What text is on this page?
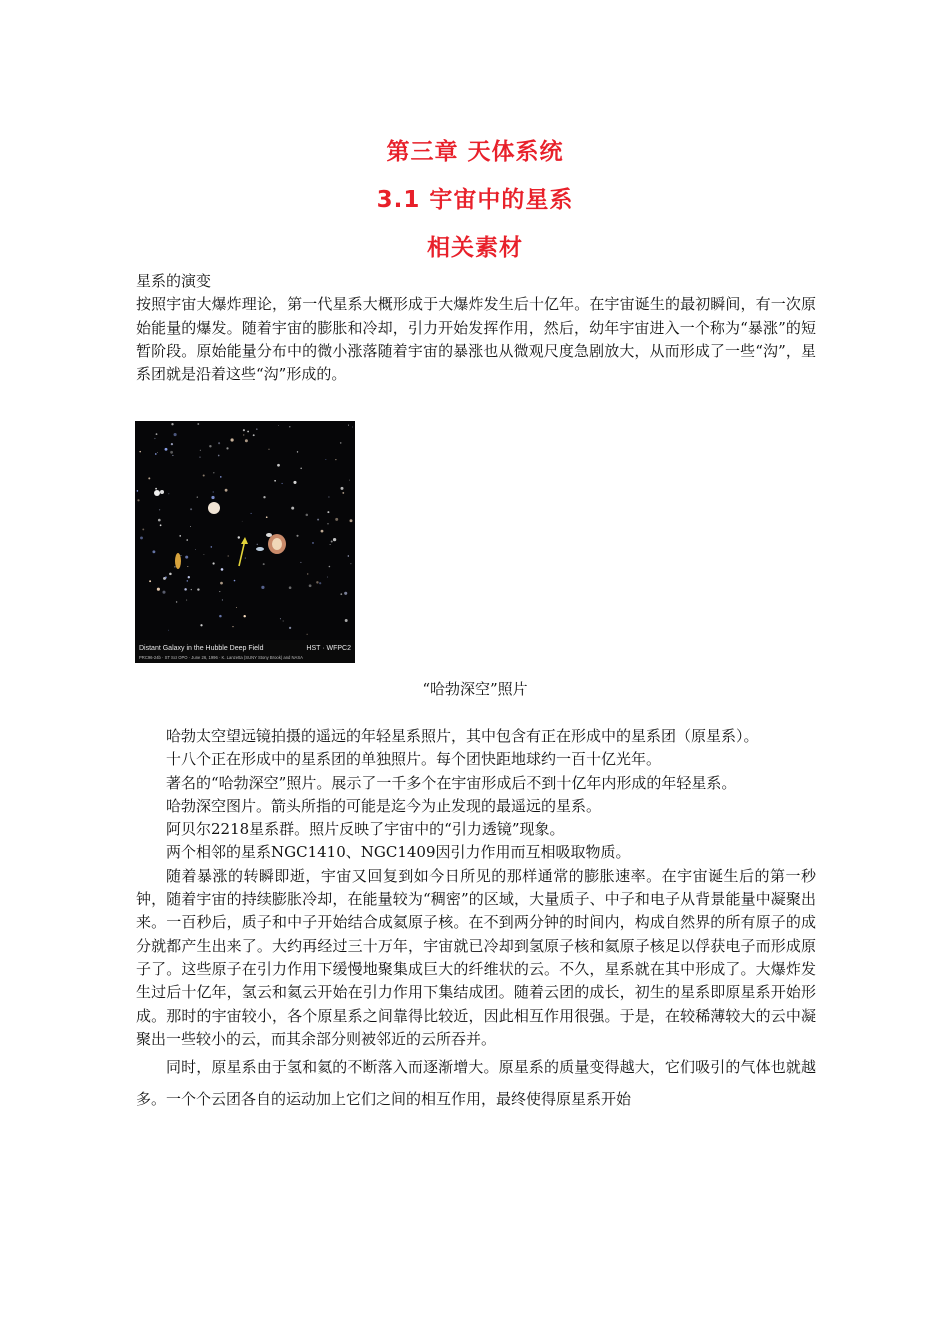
第三章 天体系统
3.1 宇宙中的星系
相关素材

星系的演变

按照宇宙大爆炸理论，第一代星系大概形成于大爆炸发生后十亿年。在宇宙诞生的最初瞬间，有一次原始能量的爆发。随着宇宙的膨胀和冷却，引力开始发挥作用，然后，幼年宇宙进入一个称为“暴涨”的短暂阶段。原始能量分布中的微小涨落随着宇宙的暴涨也从微观尺度急剧放大，从而形成了一些“沟”，星系团就是沿着这些“沟”形成的。

Distant Galaxy in the Hubble Deep Field	HST · WFPC2
PRC96-24b · ST ScI OPO · June 26, 1996 · K. Lanzetta (SUNY Stony Brook) and NASA
“哈勃深空”照片

哈勃太空望远镜拍摄的遥远的年轻星系照片，其中包含有正在形成中的星系团（原星系）。

十八个正在形成中的星系团的单独照片。每个团快距地球约一百十亿光年。

著名的“哈勃深空”照片。展示了一千多个在宇宙形成后不到十亿年内形成的年轻星系。

哈勃深空图片。箭头所指的可能是迄今为止发现的最遥远的星系。

阿贝尔2218星系群。照片反映了宇宙中的“引力透镜”现象。

两个相邻的星系NGC1410、NGC1409因引力作用而互相吸取物质。

随着暴涨的转瞬即逝，宇宙又回复到如今日所见的那样通常的膨胀速率。在宇宙诞生后的第一秒钟，随着宇宙的持续膨胀冷却，在能量较为“稠密”的区域，大量质子、中子和电子从背景能量中凝聚出来。一百秒后，质子和中子开始结合成氦原子核。在不到两分钟的时间内，构成自然界的所有原子的成分就都产生出来了。大约再经过三十万年，宇宙就已冷却到氢原子核和氦原子核足以俘获电子而形成原子了。这些原子在引力作用下缓慢地聚集成巨大的纤维状的云。不久，星系就在其中形成了。大爆炸发生过后十亿年，氢云和氦云开始在引力作用下集结成团。随着云团的成长，初生的星系即原星系开始形成。那时的宇宙较小，各个原星系之间靠得比较近，因此相互作用很强。于是，在较稀薄较大的云中凝聚出一些较小的云，而其余部分则被邻近的云所吞并。

同时，原星系由于氢和氦的不断落入而逐渐增大。原星系的质量变得越大，它们吸引的气体也就越多。一个个云团各自的运动加上它们之间的相互作用，最终使得原星系开始
